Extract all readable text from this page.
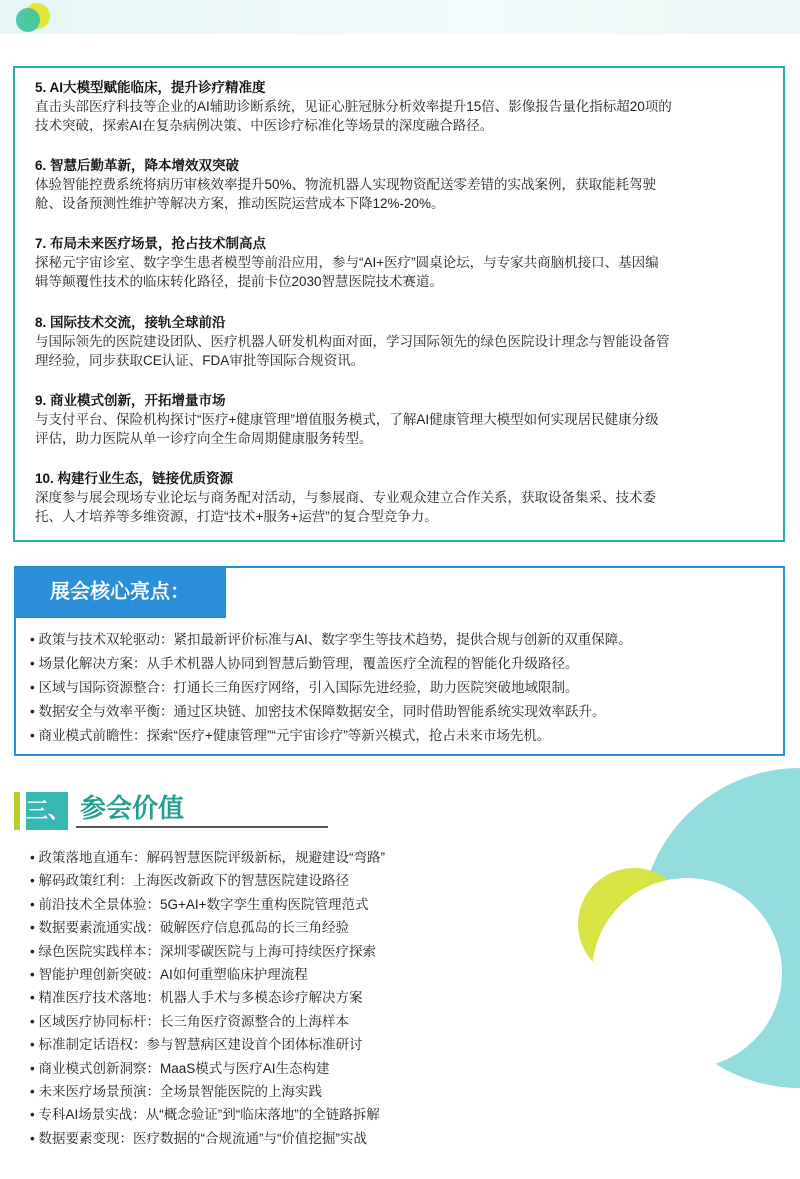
5. AI大模型赋能临床，提升诊疗精准度
直击头部医疗科技等企业的AI辅助诊断系统，见证心脏冠脉分析效率提升15倍、影像报告量化指标超20项的
技术突破，探索AI在复杂病例决策、中医诊疗标准化等场景的深度融合路径。
6. 智慧后勤革新，降本增效双突破
体验智能控费系统将病历审核效率提升50%、物流机器人实现物资配送零差错的实战案例，获取能耗驾驶
舱、设备预测性维护等解决方案，推动医院运营成本下降12%-20%。
7. 布局未来医疗场景，抢占技术制高点
探秘元宇宙诊室、数字孪生患者模型等前沿应用，参与“AI+医疗”圆桌论坛，与专家共商脑机接口、基因编
辑等颠覆性技术的临床转化路径，提前卡位2030智慧医院技术赛道。
8. 国际技术交流，接轨全球前沿
与国际领先的医院建设团队、医疗机器人研发机构面对面，学习国际领先的绿色医院设计理念与智能设备管
理经验，同步获取CE认证、FDA审批等国际合规资讯。
9. 商业模式创新，开拓增量市场
与支付平台、保险机构探讨“医疗+健康管理”增值服务模式，了解AI健康管理大模型如何实现居民健康分级
评估，助力医院从单一诊疗向全生命周期健康服务转型。
10. 构建行业生态，链接优质资源
深度参与展会现场专业论坛与商务配对活动，与参展商、专业观众建立合作关系，获取设备集采、技术委
托、人才培养等多维资源，打造“技术+服务+运营”的复合型竞争力。
展会核心亮点：
• 政策与技术双轮驱动：紧扣最新评价标准与AI、数字孪生等技术趋势，提供合规与创新的双重保障。
• 场景化解决方案：从手术机器人协同到智慧后勤管理，覆盖医疗全流程的智能化升级路径。
• 区域与国际资源整合：打通长三角医疗网络，引入国际先进经验，助力医院突破地域限制。
• 数据安全与效率平衡：通过区块链、加密技术保障数据安全，同时借助智能系统实现效率跃升。
• 商业模式前瞻性：探索“医疗+健康管理”“元宇宙诊疗”等新兴模式，抢占未来市场先机。
三、 参会价值
• 政策落地直通车：解码智慧医院评级新标，规避建设“弯路”
• 解码政策红利：上海医改新政下的智慧医院建设路径
• 前沿技术全景体验：5G+AI+数字孪生重构医院管理范式
• 数据要素流通实战：破解医疗信息孤岛的长三角经验
• 绿色医院实践样本：深圳零碳医院与上海可持续医疗探索
• 智能护理创新突破：AI如何重塑临床护理流程
• 精准医疗技术落地：机器人手术与多模态诊疗解决方案
• 区域医疗协同标杆：长三角医疗资源整合的上海样本
• 标准制定话语权：参与智慧病区建设首个团体标准研讨
• 商业模式创新洞察：MaaS模式与医疗AI生态构建
• 未来医疗场景预演：全场景智能医院的上海实践
• 专科AI场景实战：从“概念验证”到“临床落地”的全链路拆解
• 数据要素变现：医疗数据的“合规流通”与“价值挖掘”实战
